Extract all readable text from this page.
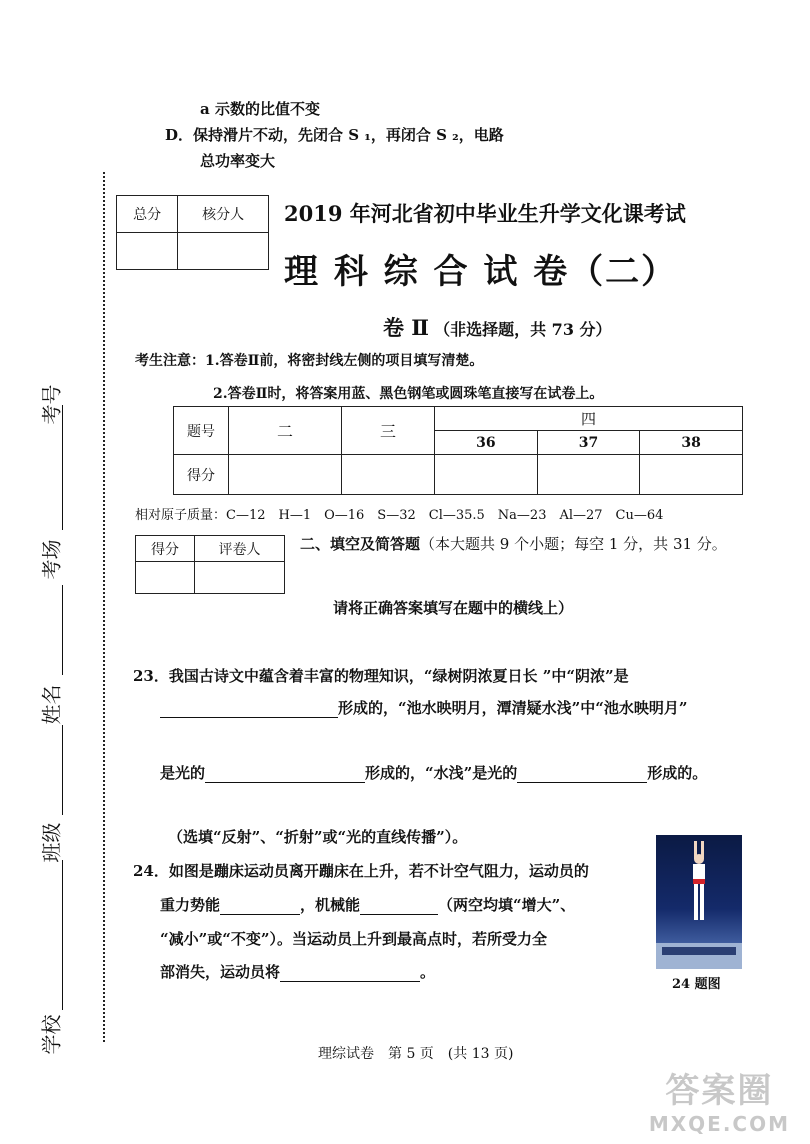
a 示数的比值不变
D．保持滑片不动，先闭合 S ₁，再闭合 S ₂，电路
总功率变大
考号
考场
姓名
班级
学校
总分	核分人
	2019 年河北省初中毕业生升学文化课考试
理 科 综 合 试 卷（二）
卷 Ⅱ （非选择题，共 73 分）
考生注意：1.答卷Ⅱ前，将密封线左侧的项目填写清楚。
2.答卷Ⅱ时，将答案用蓝、黑色钢笔或圆珠笔直接写在试卷上。
题号	二	三	四		
			36	37	38
得分					
相对原子质量：C—12　H—1　O—16　S—32　Cl—35.5　Na—23　Al—27　Cu—64
得分	评卷人
		二、填空及简答题（本大题共 9 个小题；每空 1 分，共 31 分。
请将正确答案填写在题中的横线上）
23．我国古诗文中蕴含着丰富的物理知识，“绿树阴浓夏日长 ”中“阴浓”是
形成的，“池水映明月，潭清疑水浅”中“池水映明月”
是光的	形成的，“水浅”是光的	形成的。
（选填“反射”、“折射”或“光的直线传播”）。
24．如图是蹦床运动员离开蹦床在上升，若不计空气阻力，运动员的
重力势能	，机械能	（两空均填“增大”、
“减小”或“不变”）。当运动员上升到最高点时，若所受力全
部消失，运动员将	。
24 题图
理综试卷　第 5 页　(共 13 页)
答案圈
MXQE.COM
